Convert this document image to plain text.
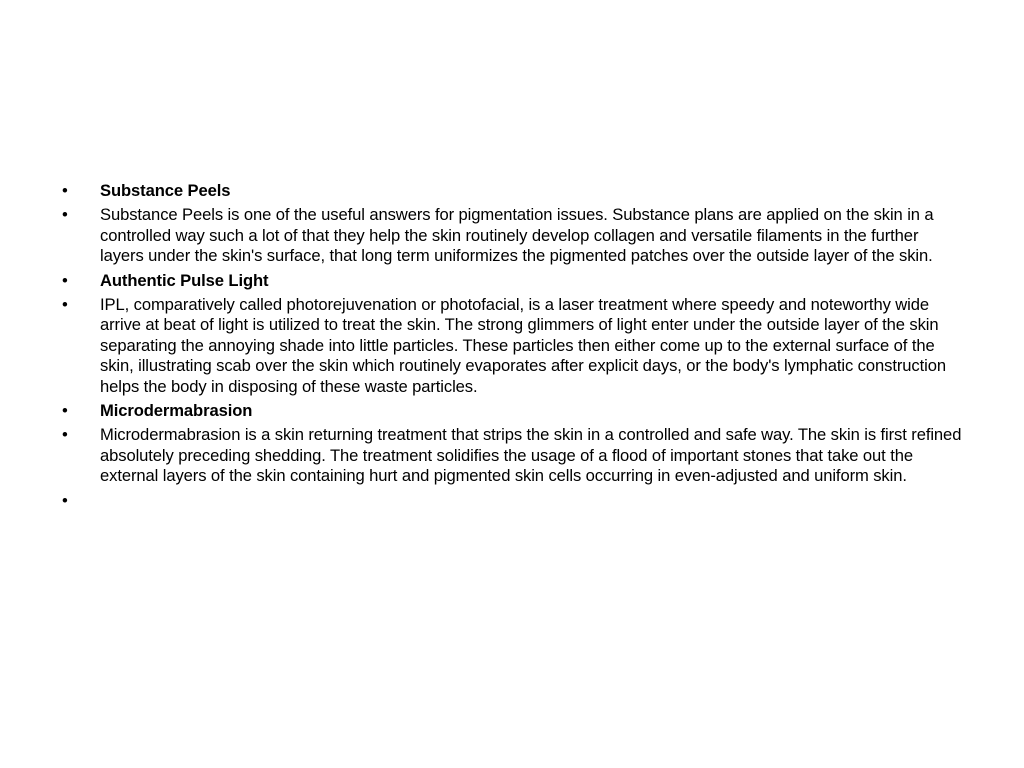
• Substance Peels
• Substance Peels is one of the useful answers for pigmentation issues. Substance plans are applied on the skin in a controlled way such a lot of that they help the skin routinely develop collagen and versatile filaments in the further layers under the skin's surface, that long term uniformizes the pigmented patches over the outside layer of the skin.
• Authentic Pulse Light
• IPL, comparatively called photorejuvenation or photofacial, is a laser treatment where speedy and noteworthy wide arrive at beat of light is utilized to treat the skin. The strong glimmers of light enter under the outside layer of the skin separating the annoying shade into little particles. These particles then either come up to the external surface of the skin, illustrating scab over the skin which routinely evaporates after explicit days, or the body's lymphatic construction helps the body in disposing of these waste particles.
• Microdermabrasion
• Microdermabrasion is a skin returning treatment that strips the skin in a controlled and safe way. The skin is first refined absolutely preceding shedding. The treatment solidifies the usage of a flood of important stones that take out the external layers of the skin containing hurt and pigmented skin cells occurring in even-adjusted and uniform skin.
•
